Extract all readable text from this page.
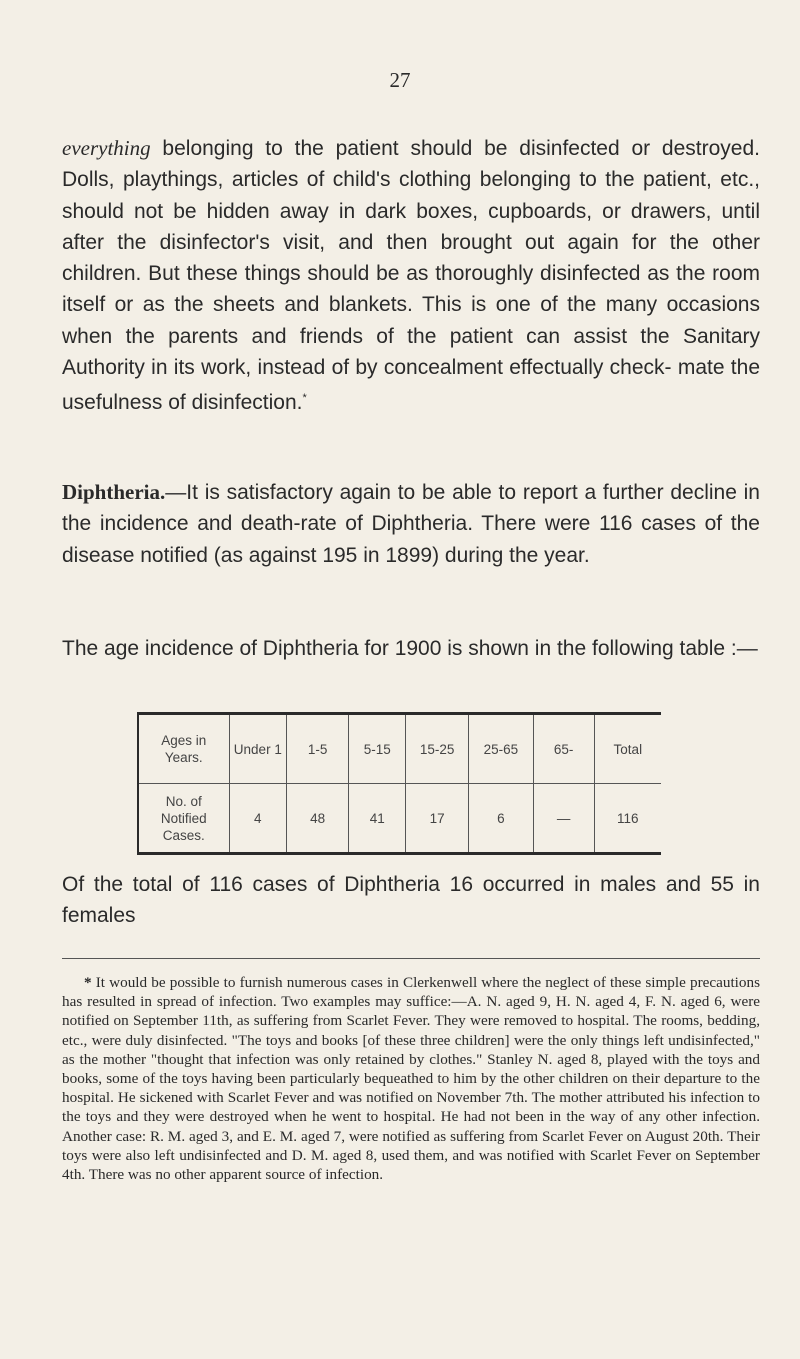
27
everything belonging to the patient should be disinfected or destroyed. Dolls, playthings, articles of child's clothing belonging to the patient, etc., should not be hidden away in dark boxes, cupboards, or drawers, until after the disinfector's visit, and then brought out again for the other children. But these things should be as thoroughly disinfected as the room itself or as the sheets and blankets. This is one of the many occasions when the parents and friends of the patient can assist the Sanitary Authority in its work, instead of by concealment effectually check- mate the usefulness of disinfection.*
Diphtheria.—It is satisfactory again to be able to report a further decline in the incidence and death-rate of Diphtheria. There were 116 cases of the disease notified (as against 195 in 1899) during the year.
The age incidence of Diphtheria for 1900 is shown in the following table :—
Ages in Years.	Under 1	1-5	5-15	15-25	25-65	65-	Total
No. of Notified Cases.	4	48	41	17	6	—	116
Of the total of 116 cases of Diphtheria 16 occurred in males and 55 in females
* It would be possible to furnish numerous cases in Clerkenwell where the neglect of these simple precautions has resulted in spread of infection. Two examples may suffice:—A. N. aged 9, H. N. aged 4, F. N. aged 6, were notified on September 11th, as suffering from Scarlet Fever. They were removed to hospital. The rooms, bedding, etc., were duly disinfected. "The toys and books [of these three children] were the only things left undisinfected," as the mother "thought that infection was only retained by clothes." Stanley N. aged 8, played with the toys and books, some of the toys having been particularly bequeathed to him by the other children on their departure to the hospital. He sickened with Scarlet Fever and was notified on November 7th. The mother attributed his infection to the toys and they were destroyed when he went to hospital. He had not been in the way of any other infection. Another case: R. M. aged 3, and E. M. aged 7, were notified as suffering from Scarlet Fever on August 20th. Their toys were also left undisinfected and D. M. aged 8, used them, and was notified with Scarlet Fever on September 4th. There was no other apparent source of infection.
